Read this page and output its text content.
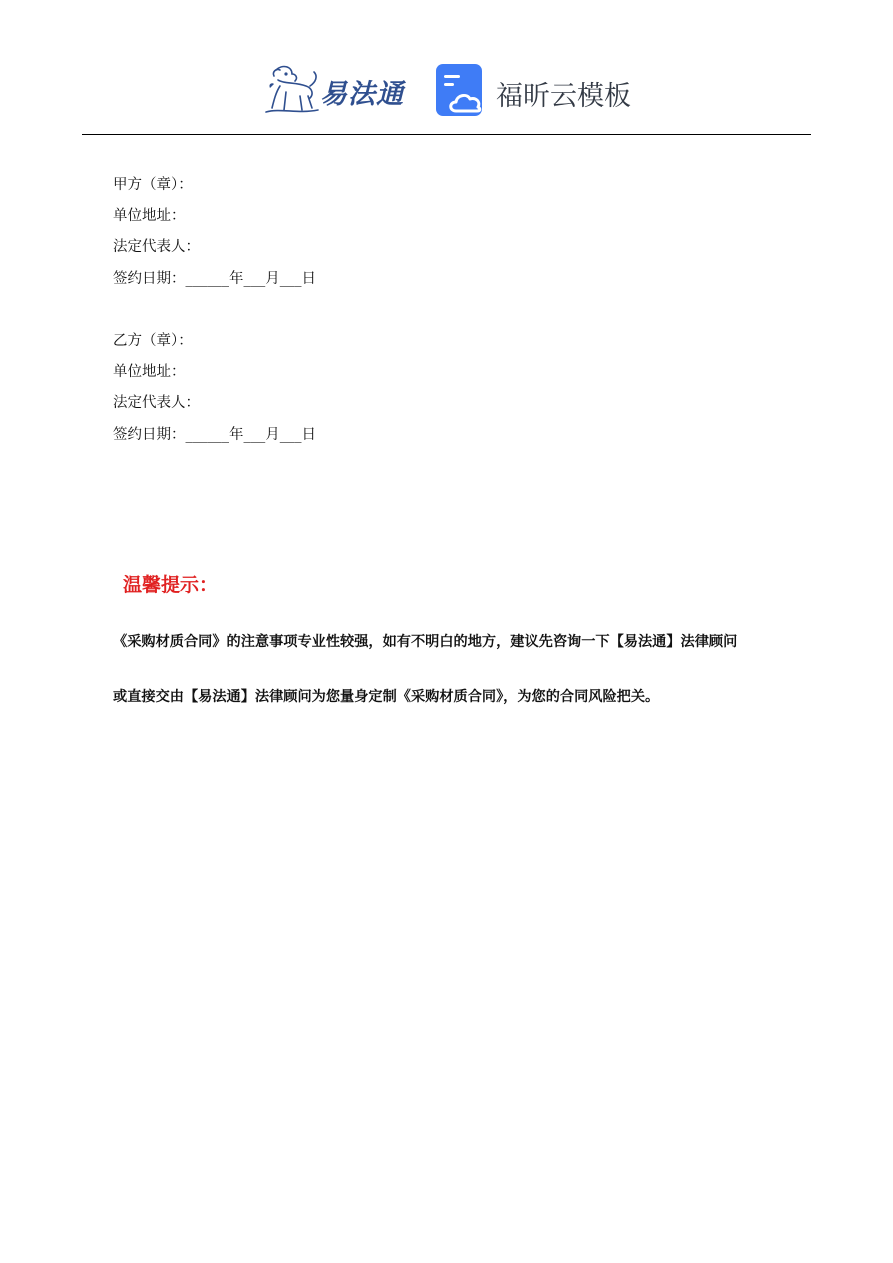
易法通	福昕云模板
甲方（章）：
单位地址：
法定代表人：
签约日期：______年___月___日
乙方（章）：
单位地址：
法定代表人：
签约日期：______年___月___日
温馨提示：
《采购材质合同》的注意事项专业性较强，如有不明白的地方，建议先咨询一下【易法通】法律顾问
或直接交由【易法通】法律顾问为您量身定制《采购材质合同》，为您的合同风险把关。
